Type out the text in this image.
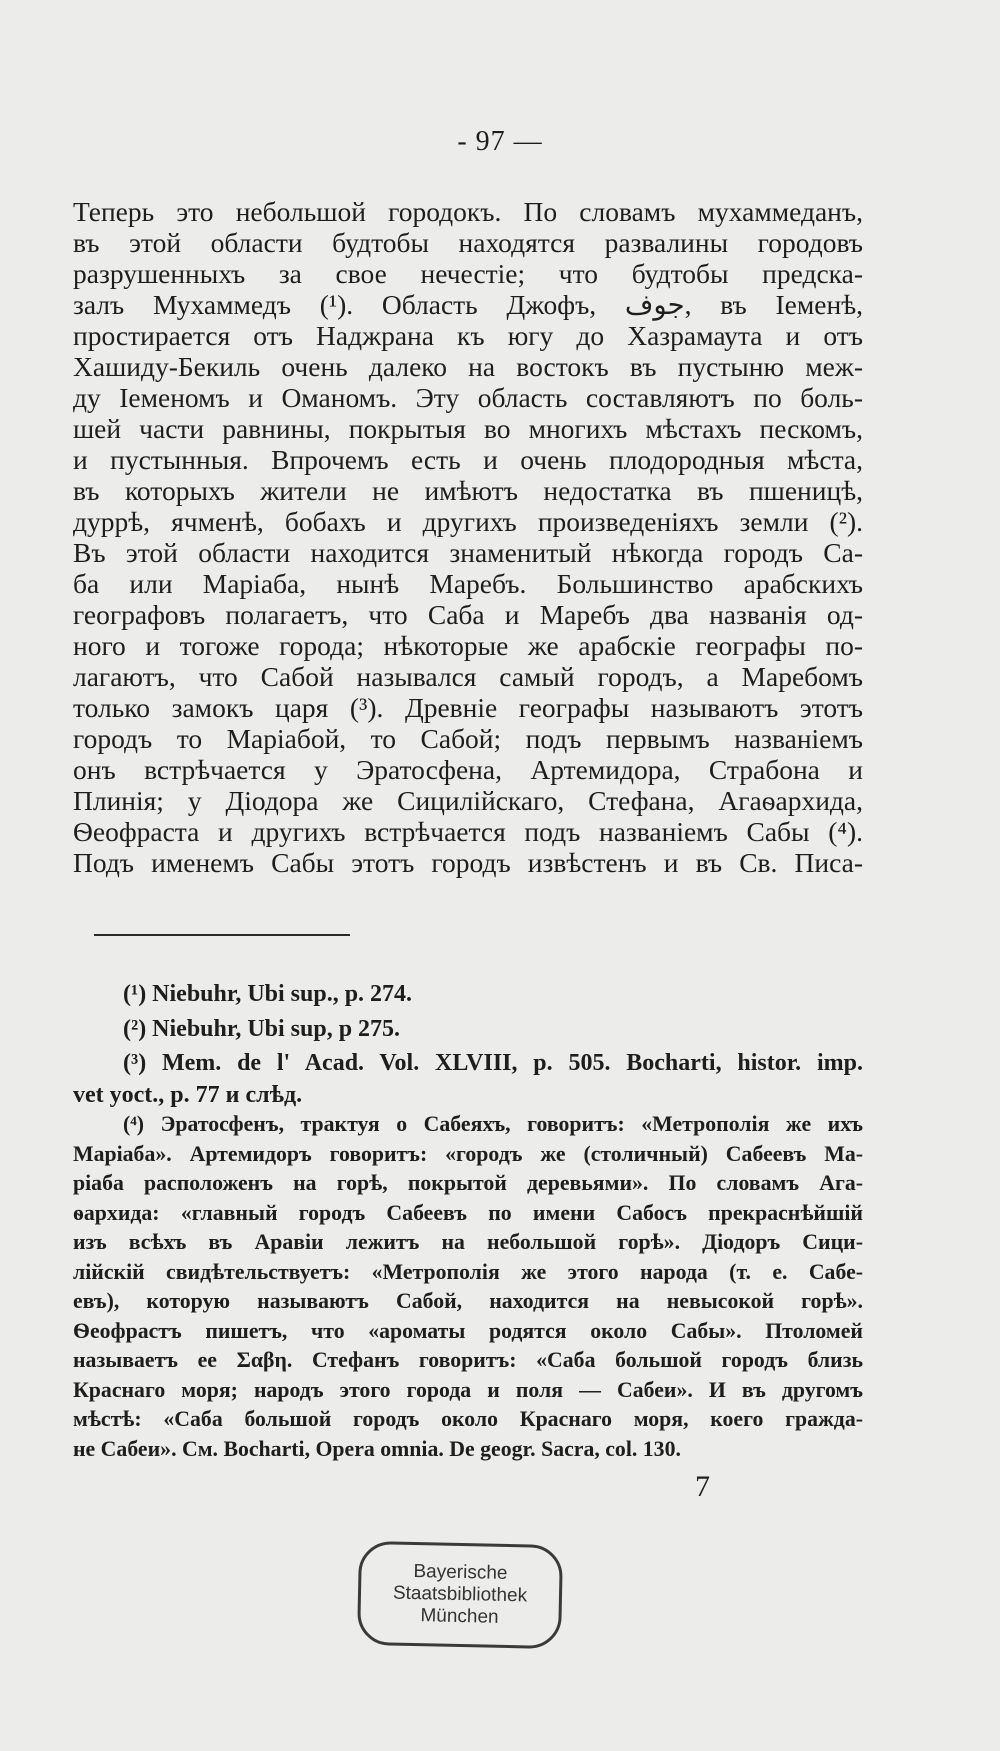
- 97 —
Теперь это небольшой городокъ. По словамъ мухаммеданъ,
въ этой области будтобы находятся развалины городовъ
разрушенныхъ за свое нечестіе; что будтобы предска-
залъ Мухаммедъ (¹). Область Джофъ, جوف, въ Іеменѣ,
простирается отъ Наджрана къ югу до Хазрамаута и отъ
Хашиду-Бекиль очень далеко на востокъ въ пустыню меж-
ду Іеменомъ и Оманомъ. Эту область составляютъ по боль-
шей части равнины, покрытыя во многихъ мѣстахъ пескомъ,
и пустынныя. Впрочемъ есть и очень плодородныя мѣста,
въ которыхъ жители не имѣютъ недостатка въ пшеницѣ,
дуррѣ, ячменѣ, бобахъ и другихъ произведеніяхъ земли (²).
Въ этой области находится знаменитый нѣкогда городъ Са-
ба или Маріаба, нынѣ Маребъ. Большинство арабскихъ
географовъ полагаетъ, что Саба и Маребъ два названія од-
ного и тогоже города; нѣкоторые же арабскіе географы по-
лагаютъ, что Сабой назывался самый городъ, а Маребомъ
только замокъ царя (³). Древніе географы называютъ этотъ
городъ то Маріабой, то Сабой; подъ первымъ названіемъ
онъ встрѣчается у Эратосфена, Артемидора, Страбона и
Плинія; у Діодора же Сицилійскаго, Стефана, Агаѳархида,
Ѳеофраста и другихъ встрѣчается подъ названіемъ Сабы (⁴).
Подъ именемъ Сабы этотъ городъ извѣстенъ и въ Св. Писа-
(¹) Niebuhr, Ubi sup., p. 274.
(²) Niebuhr, Ubi sup, p 275.
(³) Mem. de l' Acad. Vol. XLVIII, p. 505. Bocharti, histor. imp.
vet yoct., p. 77 и слѣд.
(⁴) Эратосфенъ, трактуя о Сабеяхъ, говоритъ: «Метрополія же ихъ
Маріаба». Артемидоръ говоритъ: «городъ же (столичный) Сабеевъ Ма-
ріаба расположенъ на горѣ, покрытой деревьями». По словамъ Ага-
ѳархида: «главный городъ Сабеевъ по имени Сабосъ прекраснѣйшій
изъ всѣхъ въ Аравіи лежитъ на небольшой горѣ». Діодоръ Сици-
лійскій свидѣтельствуетъ: «Метрополія же этого народа (т. е. Сабе-
евъ), которую называютъ Сабой, находится на невысокой горѣ».
Ѳеофрастъ пишетъ, что «ароматы родятся около Сабы». Птоломей
называетъ ее Σαβη. Стефанъ говоритъ: «Саба большой городъ близь
Краснаго моря; народъ этого города и поля — Сабеи». И въ другомъ
мѣстѣ: «Саба большой городъ около Краснаго моря, коего гражда-
не Сабеи». См. Bocharti, Opera omnia. De geogr. Sacra, col. 130.
7
Bayerische
Staatsbibliothek
München
